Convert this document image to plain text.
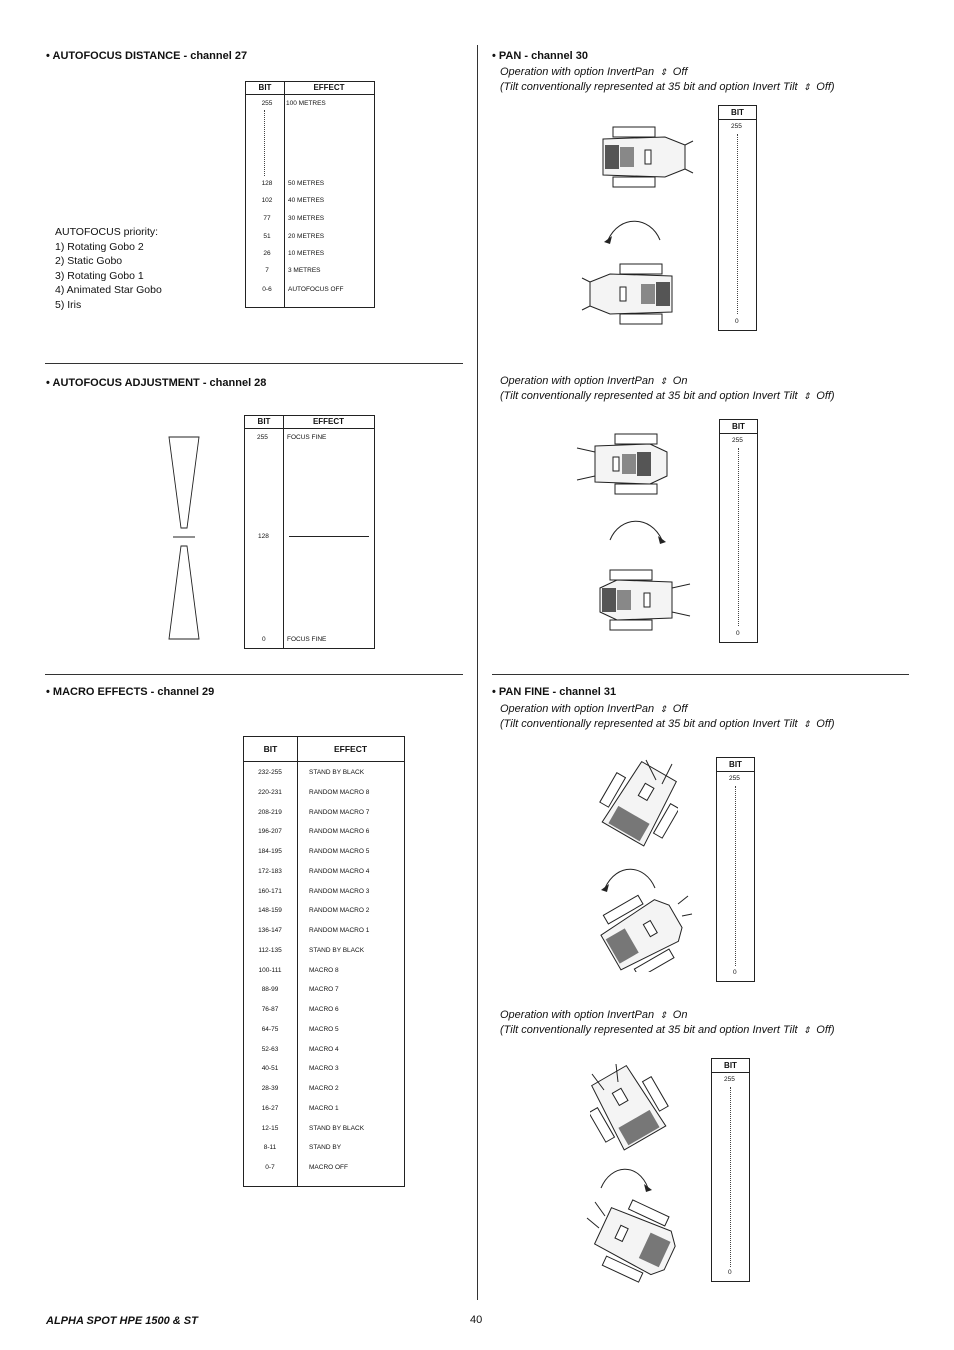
• AUTOFOCUS DISTANCE - channel 27
BIT	EFFECT
255	100 METRES
128	50 METRES
102	40 METRES
77	30 METRES
51	20 METRES
26	10 METRES
7	3 METRES
0-6	AUTOFOCUS OFF
AUTOFOCUS priority:
1) Rotating Gobo 2
2) Static Gobo
3) Rotating Gobo 1
4) Animated Star Gobo
5) Iris
• AUTOFOCUS ADJUSTMENT - channel 28
BIT	EFFECT
255	FOCUS FINE
128
0	FOCUS FINE
• MACRO EFFECTS - channel 29
BIT	EFFECT
232-255	STAND BY BLACK
220-231	RANDOM MACRO 8
208-219	RANDOM MACRO 7
196-207	RANDOM MACRO 6
184-195	RANDOM MACRO 5
172-183	RANDOM MACRO 4
160-171	RANDOM MACRO 3
148-159	RANDOM MACRO 2
136-147	RANDOM MACRO 1
112-135	STAND BY BLACK
100-111	MACRO 8
88-99	MACRO 7
76-87	MACRO 6
64-75	MACRO 5
52-63	MACRO 4
40-51	MACRO 3
28-39	MACRO 2
16-27	MACRO 1
12-15	STAND BY BLACK
8-11	STAND BY
0-7	MACRO OFF
• PAN - channel 30
Operation with option InvertPan  ⇕  Off
(Tilt conventionally represented at 35 bit and option Invert Tilt  ⇕  Off)
BIT
255
0
Operation with option InvertPan  ⇕  On
(Tilt conventionally represented at 35 bit and option Invert Tilt  ⇕  Off)
BIT
255
0
• PAN FINE - channel 31
Operation with option InvertPan  ⇕  Off
(Tilt conventionally represented at 35 bit and option Invert Tilt  ⇕  Off)
BIT
255
0
Operation with option InvertPan  ⇕  On
(Tilt conventionally represented at 35 bit and option Invert Tilt  ⇕  Off)
BIT
255
0
ALPHA SPOT HPE 1500 & ST	40
